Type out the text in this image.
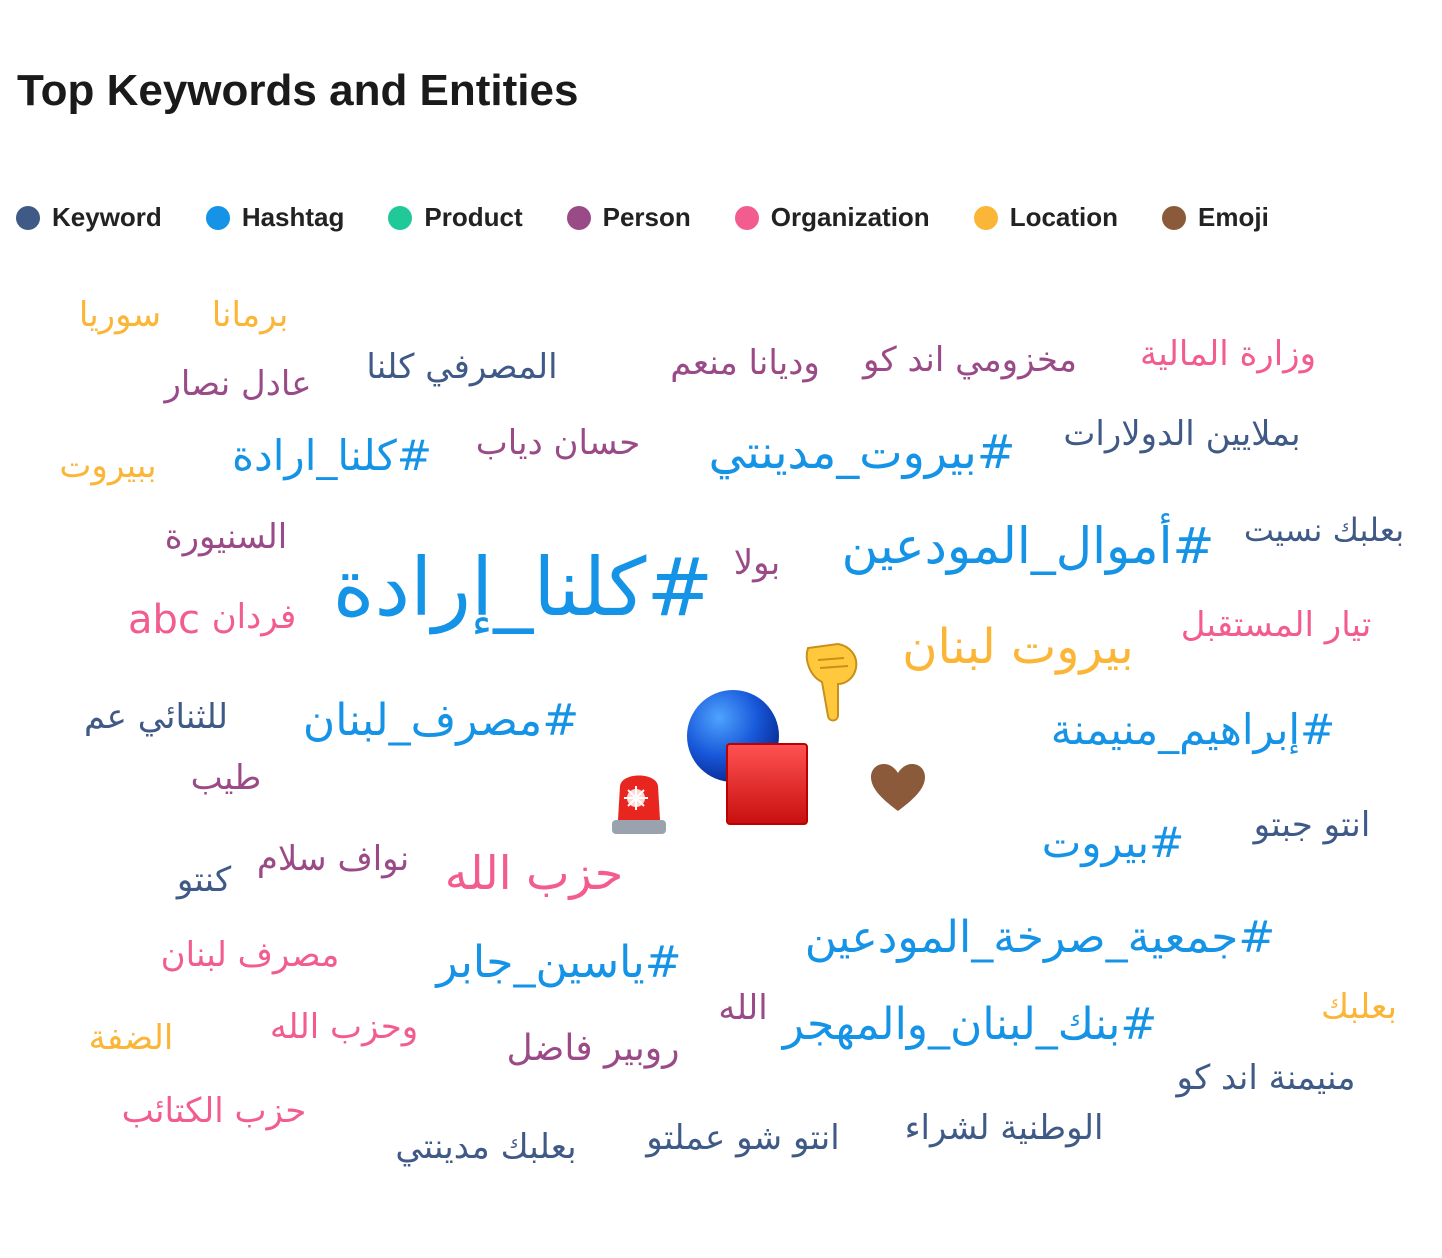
Top Keywords and Entities
Keyword	Hashtag	Product	Person	Organization	Location	Emoji
سوريا برمانا
عادل نصار المصرفي كلنا	وديانا منعم مخزومي اند كو وزارة المالية
ببيروت #كلنا_ارادة حسان دياب #بيروت_مدينتي بملايين الدولارات
السنيورة
#كلنا_إرادة بولا #أموال_المودعين بعلبك نسيت
فردان
abc	تيار المستقبل
بيروت لبنان
للثنائي عم #مصرف_لبنان	#إبراهيم_منيمنة
طيب
انتو جبتو
نواف سلام
كنتو	حزب الله
#بيروت
مصرف لبنان #ياسين_جابر	#جمعية_صرخة_المودعين
بعلبك
الضفة	وحزب الله	الله #بنك_لبنان_والمهجر
روبير فاضل
منيمنة اند كو
حزب الكتائب
بعلبك مدينتي انتو شو عملتو الوطنية لشراء
